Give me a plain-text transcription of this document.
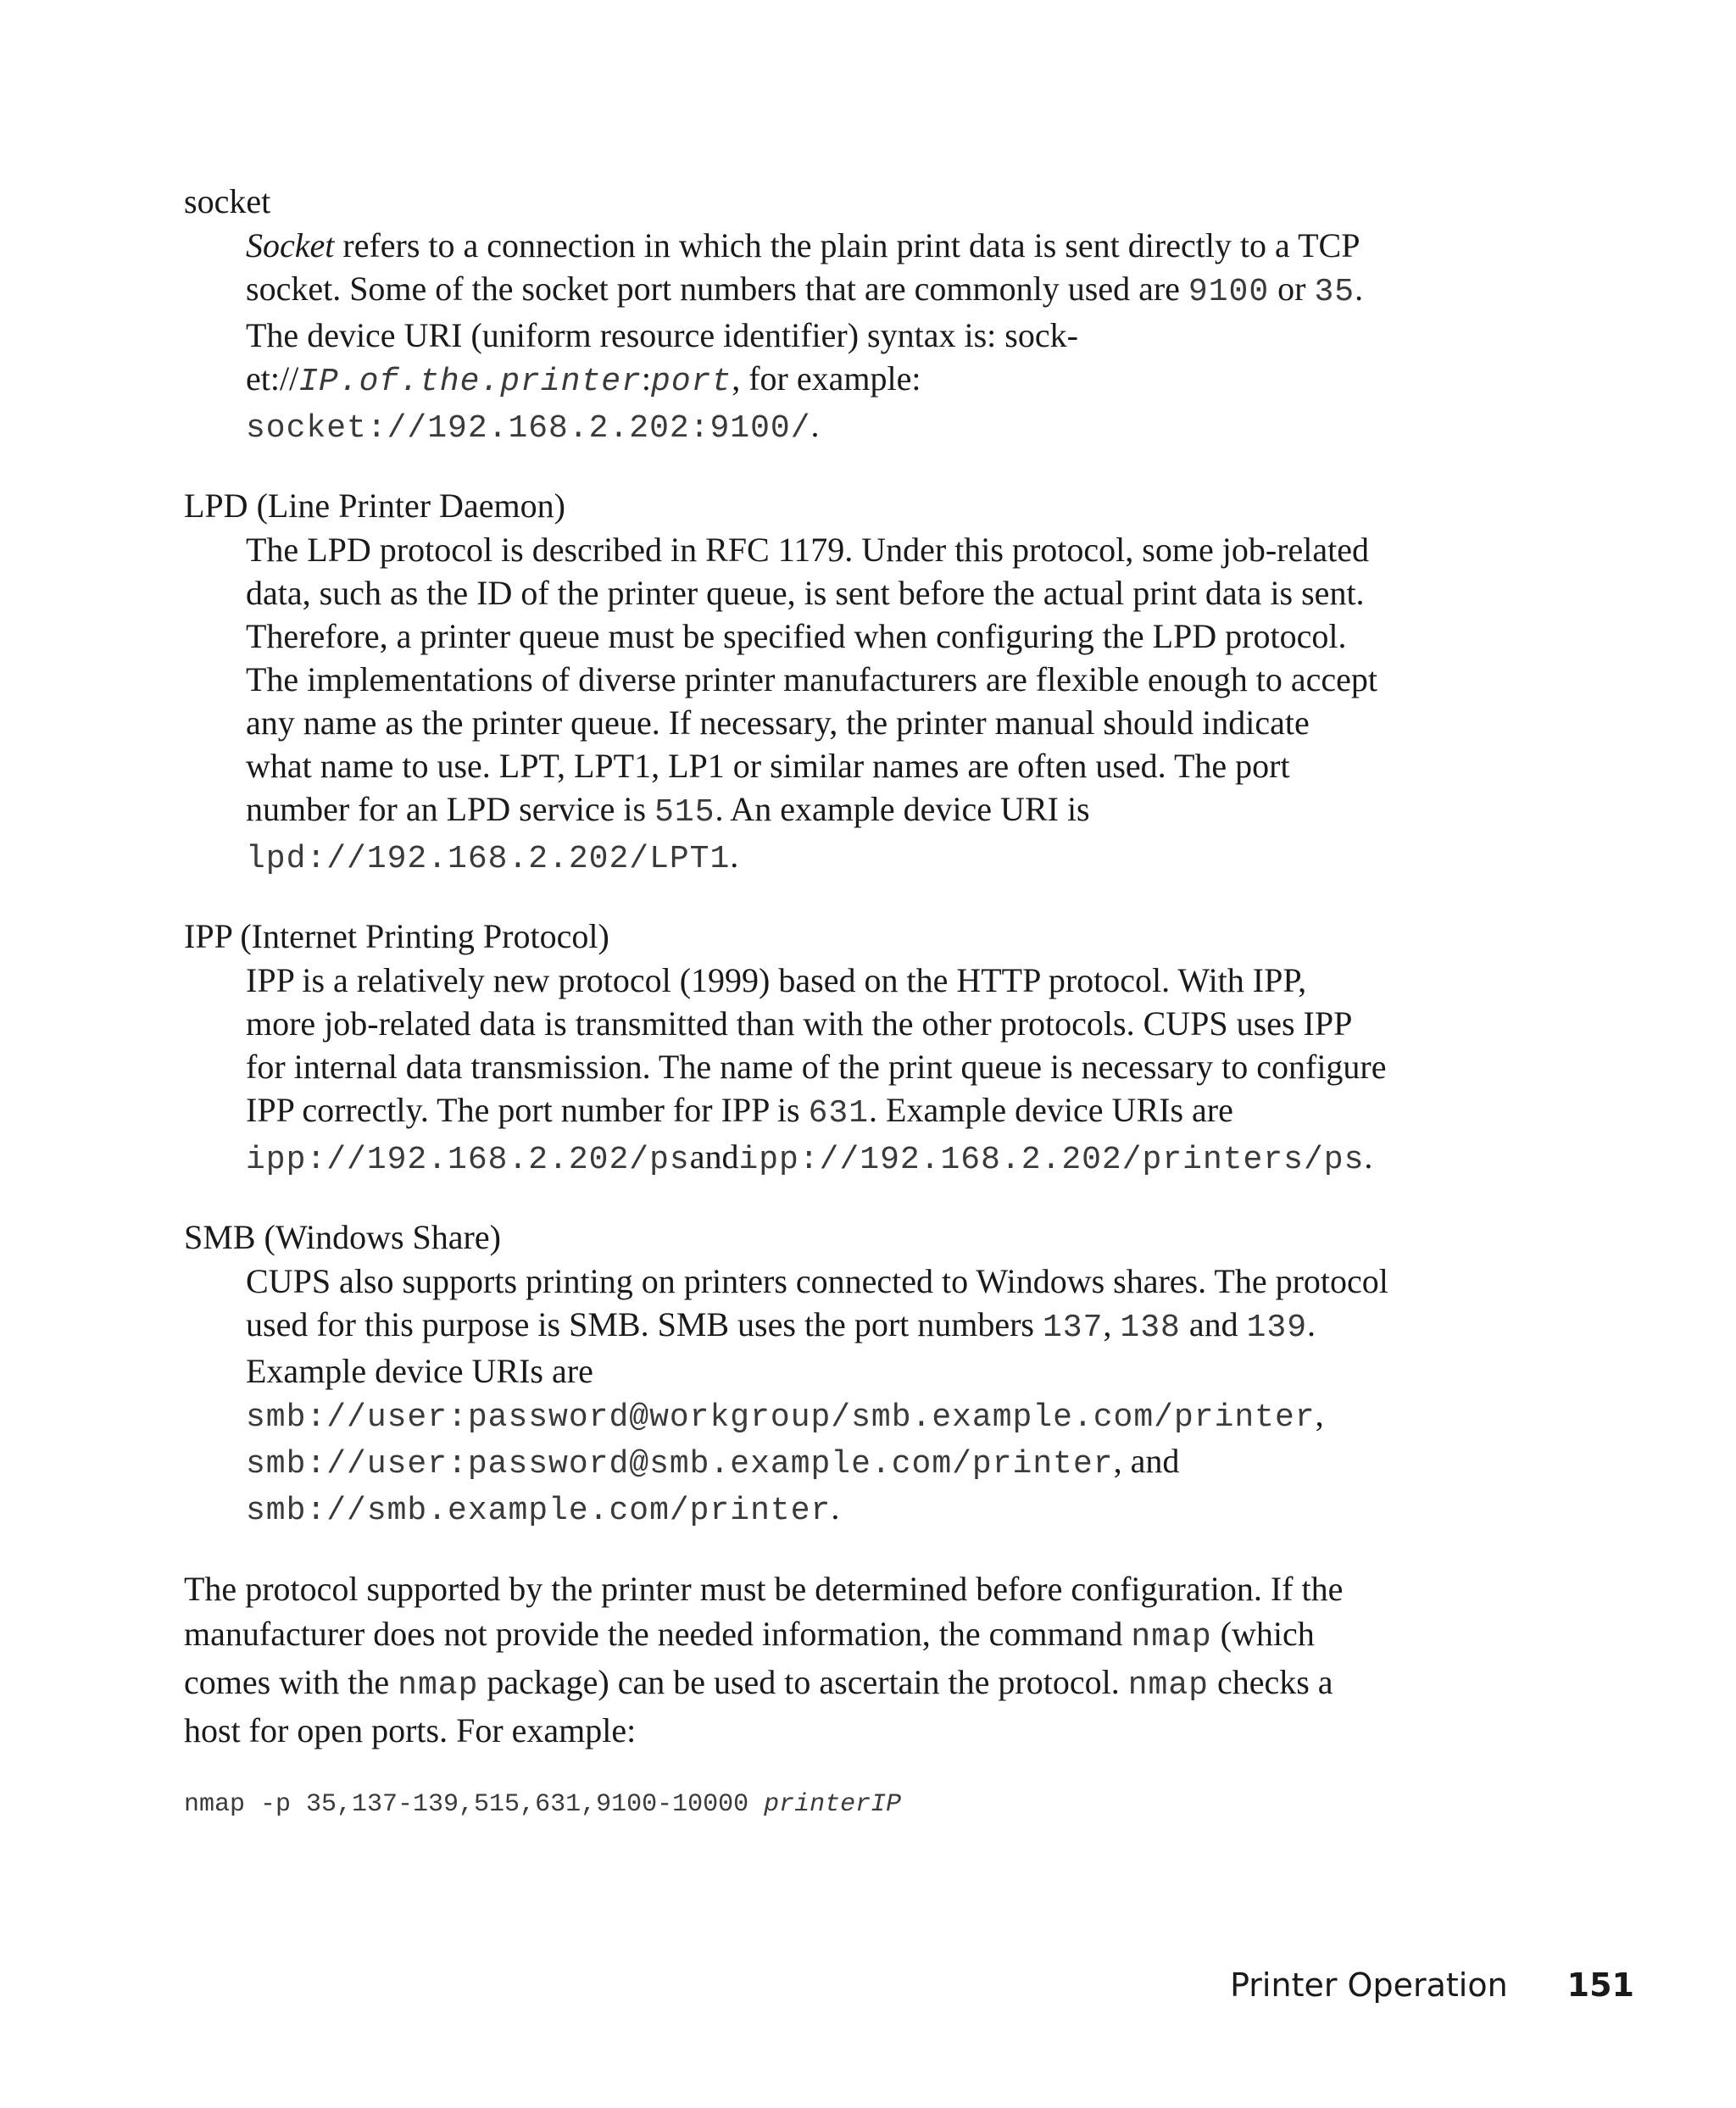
socket

Socket refers to a connection in which the plain print data is sent directly to a TCP
socket. Some of the socket port numbers that are commonly used are 9100 or 35.
The device URI (uniform resource identifier) syntax is: sock-
et://IP.of.the.printer:port, for example:
socket://192.168.2.202:9100/.

LPD (Line Printer Daemon)

The LPD protocol is described in RFC 1179. Under this protocol, some job-related
data, such as the ID of the printer queue, is sent before the actual print data is sent.
Therefore, a printer queue must be specified when configuring the LPD protocol.
The implementations of diverse printer manufacturers are flexible enough to accept
any name as the printer queue. If necessary, the printer manual should indicate
what name to use. LPT, LPT1, LP1 or similar names are often used. The port
number for an LPD service is 515. An example device URI is
lpd://192.168.2.202/LPT1.

IPP (Internet Printing Protocol)

IPP is a relatively new protocol (1999) based on the HTTP protocol. With IPP,
more job-related data is transmitted than with the other protocols. CUPS uses IPP
for internal data transmission. The name of the print queue is necessary to configure
IPP correctly. The port number for IPP is 631. Example device URIs are
ipp://192.168.2.202/psandipp://192.168.2.202/printers/ps.

SMB (Windows Share)

CUPS also supports printing on printers connected to Windows shares. The protocol
used for this purpose is SMB. SMB uses the port numbers 137, 138 and 139.
Example device URIs are
smb://user:password@workgroup/smb.example.com/printer,
smb://user:password@smb.example.com/printer, and
smb://smb.example.com/printer.
The protocol supported by the printer must be determined before configuration. If the
manufacturer does not provide the needed information, the command nmap (which
comes with the nmap package) can be used to ascertain the protocol. nmap checks a
host for open ports. For example:
nmap -p 35,137-139,515,631,9100-10000 printerIP
Printer Operation 151
